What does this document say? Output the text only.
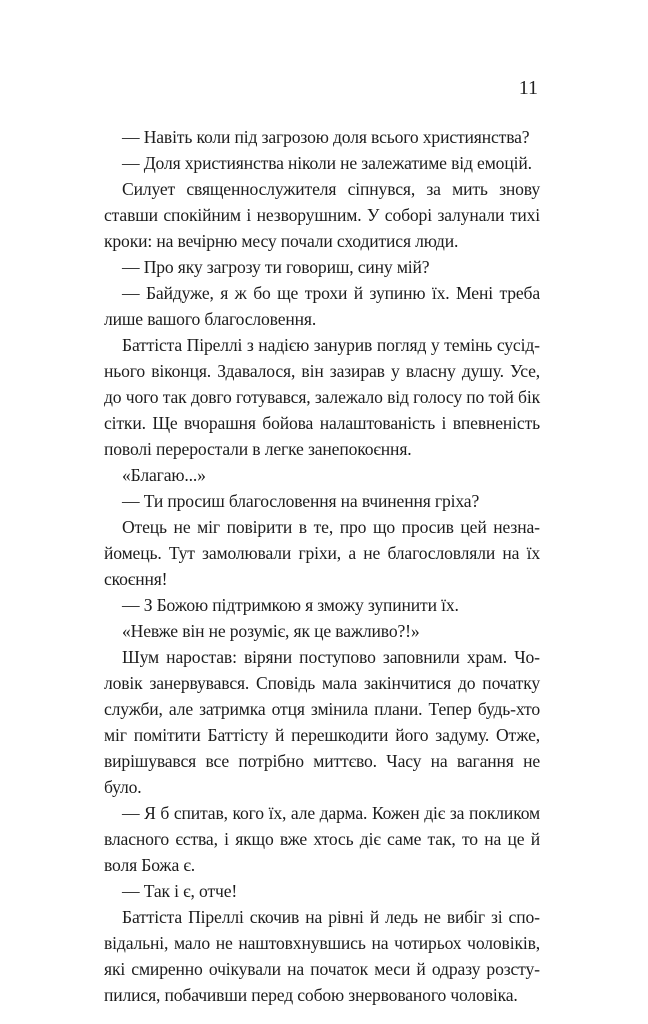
11

— Навіть коли під загрозою доля всього християнства?

— Доля християнства ніколи не залежатиме від емоцій.

Силует священнослужителя сіпнувся, за мить знову ставши спокійним і незворушним. У соборі залунали тихі кроки: на вечірню месу почали сходитися люди.

— Про яку загрозу ти говориш, сину мій?

— Байдуже, я ж бо ще трохи й зупиню їх. Мені треба лише вашого благословення.

Баттіста Піреллі з надією занурив погляд у темінь сусіднього віконця. Здавалося, він зазирав у власну душу. Усе, до чого так довго готувався, залежало від голосу по той бік сітки. Ще вчорашня бойова налаштованість і впевненість поволі переростали в легке занепокоєння.

«Благаю...»

— Ти просиш благословення на вчинення гріха?

Отець не міг повірити в те, про що просив цей незнайомець. Тут замолювали гріхи, а не благословляли на їх скоєння!

— З Божою підтримкою я зможу зупинити їх.

«Невже він не розуміє, як це важливо?!»

Шум наростав: віряни поступово заповнили храм. Чоловік занервувався. Сповідь мала закінчитися до початку служби, але затримка отця змінила плани. Тепер будь-хто міг помітити Баттісту й перешкодити його задуму. Отже, вирішувався все потрібно миттєво. Часу на вагання не було.

— Я б спитав, кого їх, але дарма. Кожен діє за покликом власного єства, і якщо вже хтось діє саме так, то на це й воля Божа є.

— Так і є, отче!

Баттіста Піреллі скочив на рівні й ледь не вибіг зі сповідальні, мало не наштовхнувшись на чотирьох чоловіків, які смиренно очікували на початок меси й одразу розступилися, побачивши перед собою знервованого чоловіка.
